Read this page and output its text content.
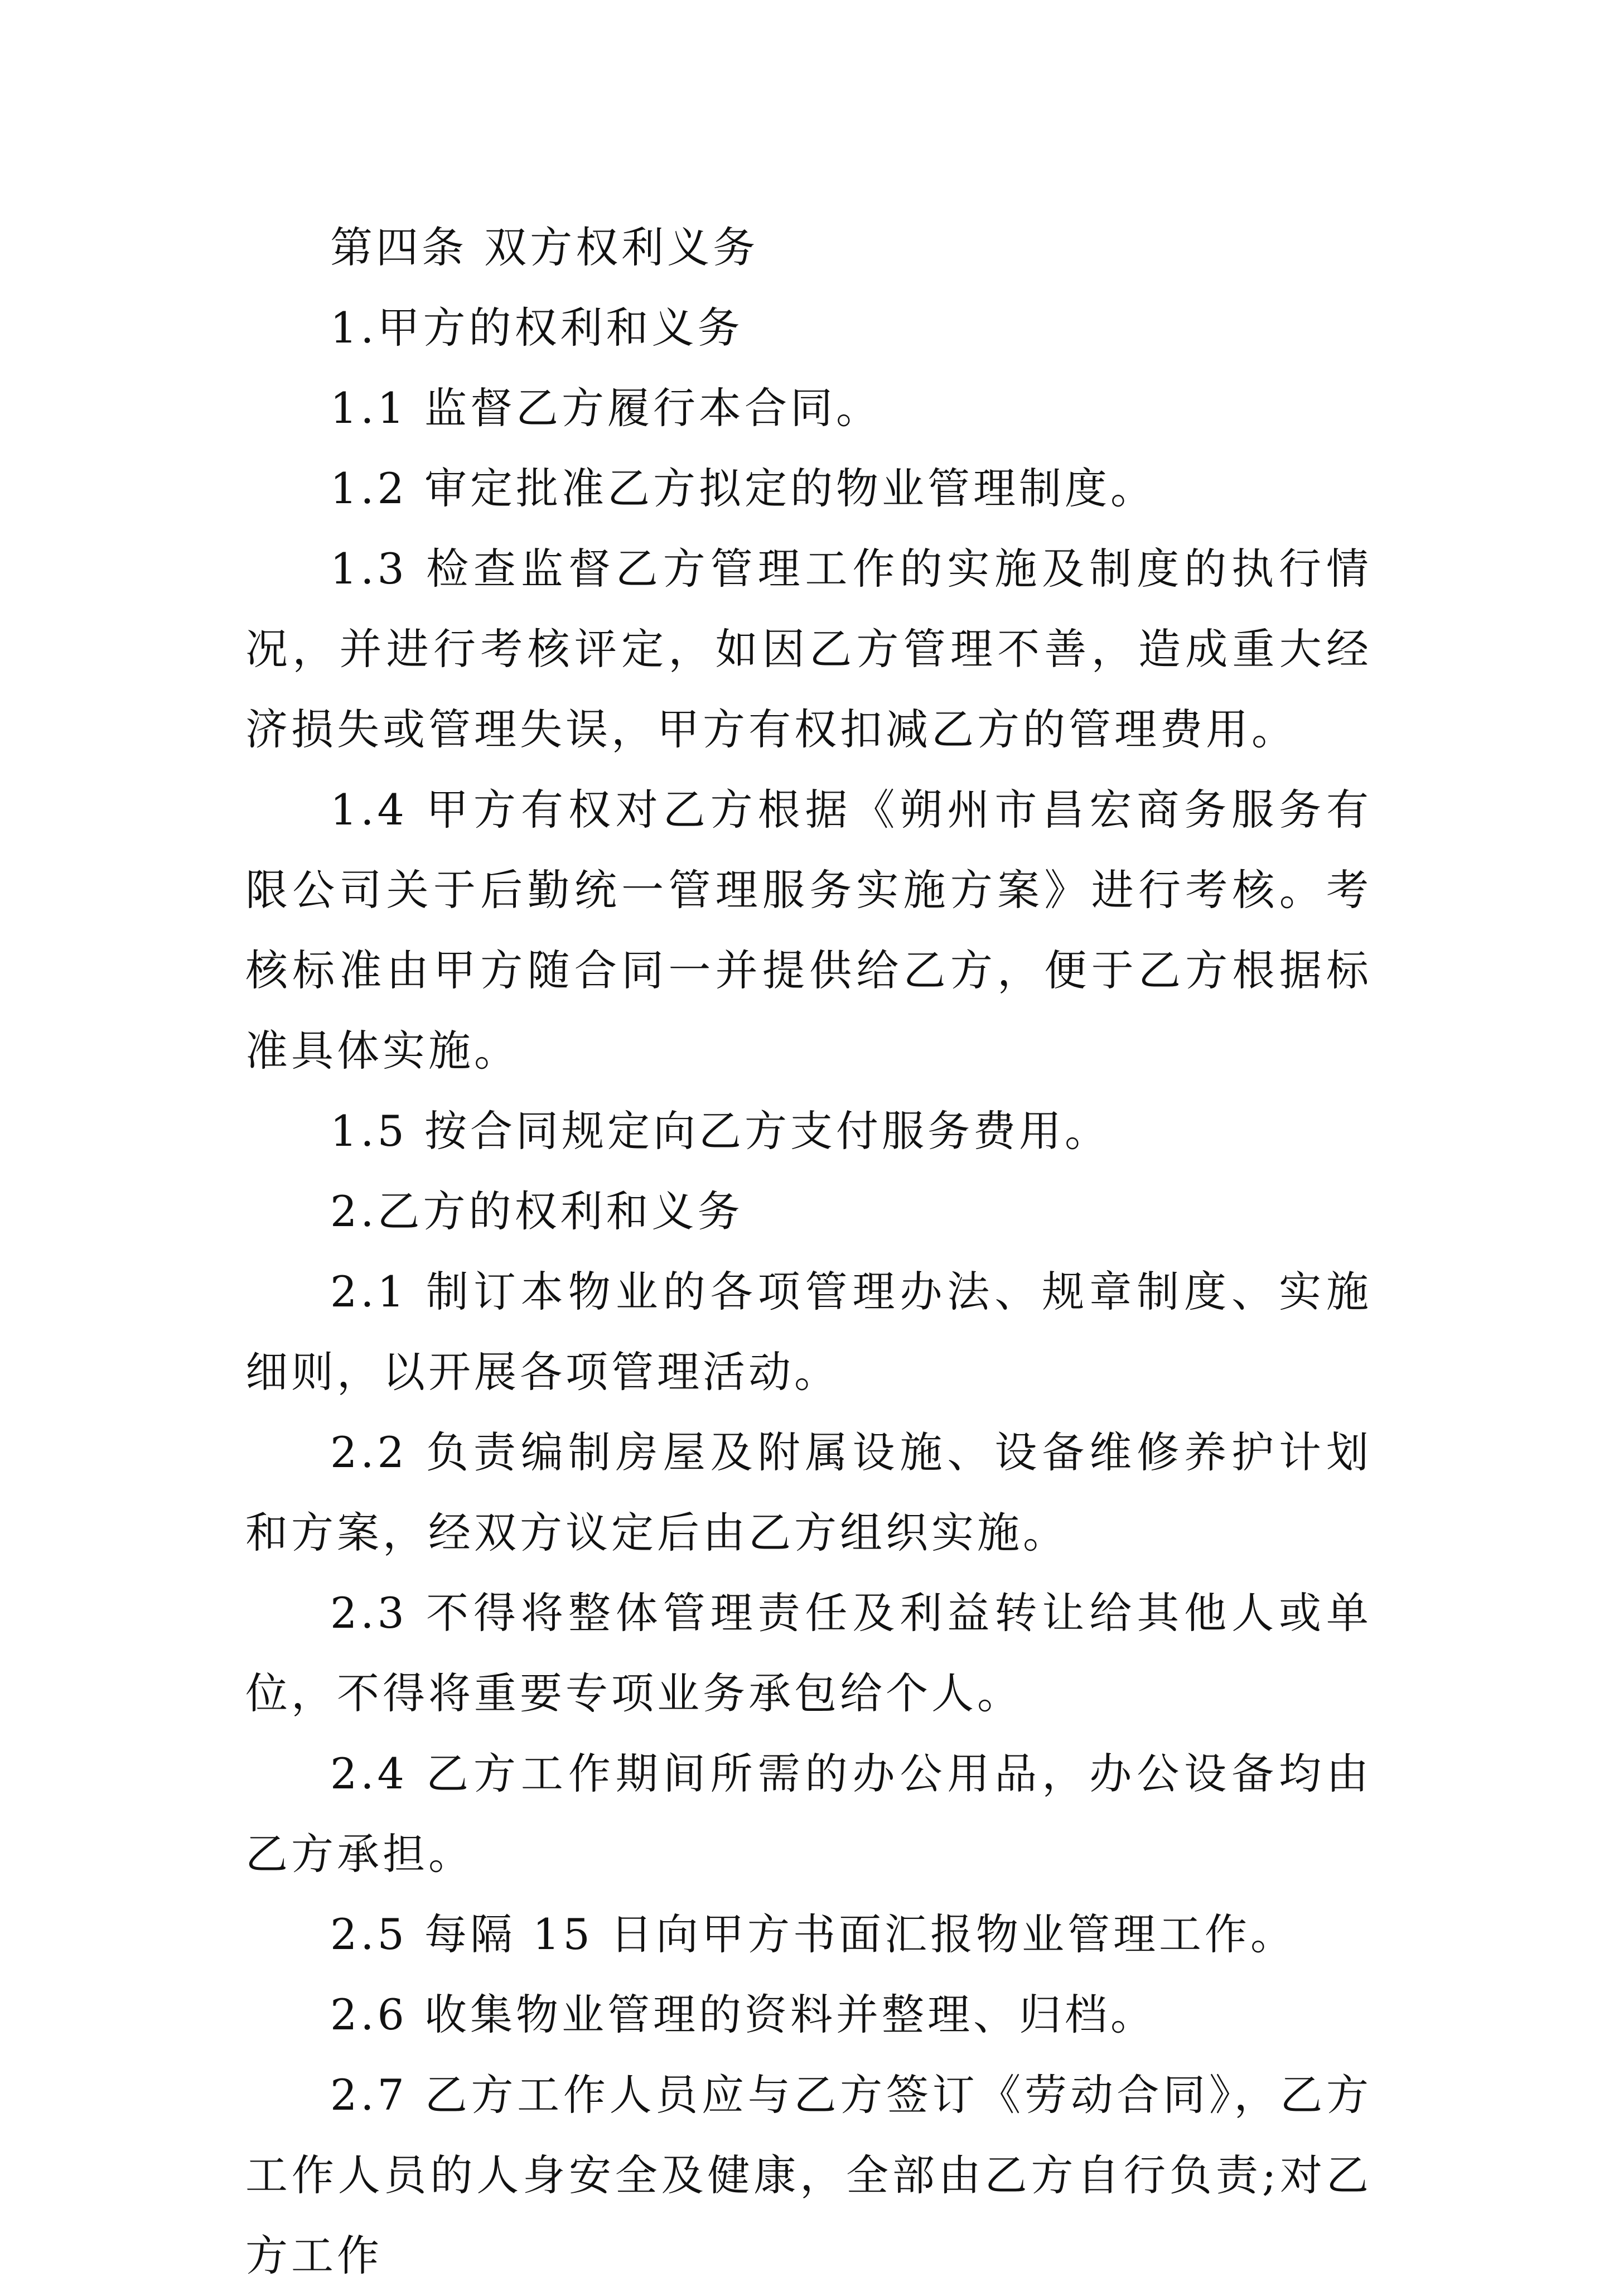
第四条 双方权利义务

1.甲方的权利和义务

1.1 监督乙方履行本合同。

1.2 审定批准乙方拟定的物业管理制度。

1.3 检查监督乙方管理工作的实施及制度的执行情况，并进行考核评定，如因乙方管理不善，造成重大经济损失或管理失误，甲方有权扣减乙方的管理费用。

1.4 甲方有权对乙方根据《朔州市昌宏商务服务有限公司关于后勤统一管理服务实施方案》进行考核。考核标准由甲方随合同一并提供给乙方，便于乙方根据标准具体实施。

1.5 按合同规定向乙方支付服务费用。

2.乙方的权利和义务

2.1 制订本物业的各项管理办法、规章制度、实施细则，以开展各项管理活动。

2.2 负责编制房屋及附属设施、设备维修养护计划和方案，经双方议定后由乙方组织实施。

2.3 不得将整体管理责任及利益转让给其他人或单位，不得将重要专项业务承包给个人。

2.4 乙方工作期间所需的办公用品，办公设备均由乙方承担。

2.5 每隔 15 日向甲方书面汇报物业管理工作。

2.6 收集物业管理的资料并整理、归档。

2.7 乙方工作人员应与乙方签订《劳动合同》，乙方工作人员的人身安全及健康，全部由乙方自行负责;对乙方工作
